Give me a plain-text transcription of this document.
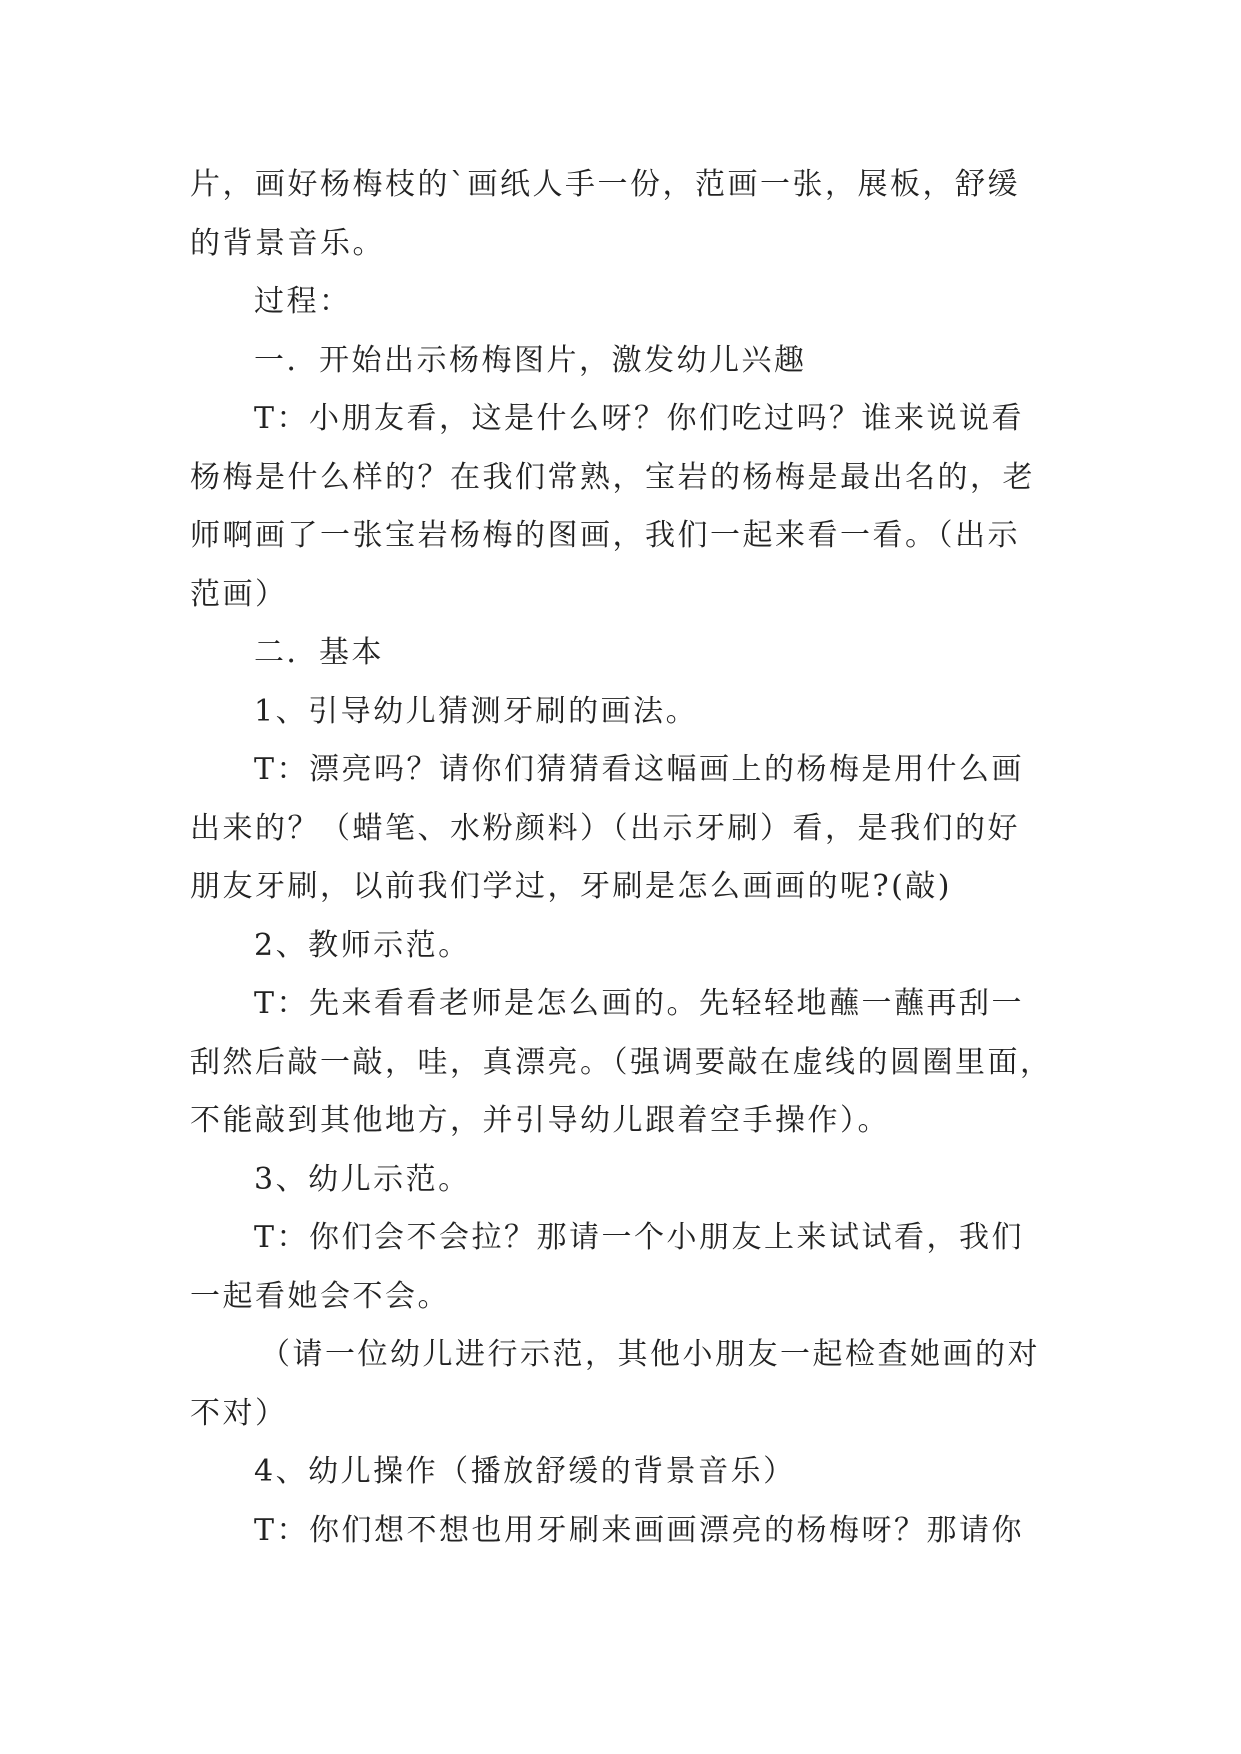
片，画好杨梅枝的`画纸人手一份，范画一张，展板，舒缓
的背景音乐。
过程：
一．开始出示杨梅图片，激发幼儿兴趣
T：小朋友看，这是什么呀？你们吃过吗？谁来说说看
杨梅是什么样的？在我们常熟，宝岩的杨梅是最出名的，老
师啊画了一张宝岩杨梅的图画，我们一起来看一看。（出示
范画）
二．基本
1、引导幼儿猜测牙刷的画法。
T：漂亮吗？请你们猜猜看这幅画上的杨梅是用什么画
出来的？（蜡笔、水粉颜料）（出示牙刷）看，是我们的好
朋友牙刷，以前我们学过，牙刷是怎么画画的呢?(敲)
2、教师示范。
T：先来看看老师是怎么画的。先轻轻地蘸一蘸再刮一
刮然后敲一敲，哇，真漂亮。（强调要敲在虚线的圆圈里面，
不能敲到其他地方，并引导幼儿跟着空手操作）。
3、幼儿示范。
T：你们会不会拉？那请一个小朋友上来试试看，我们
一起看她会不会。
（请一位幼儿进行示范，其他小朋友一起检查她画的对
不对）
4、幼儿操作（播放舒缓的背景音乐）
T：你们想不想也用牙刷来画画漂亮的杨梅呀？那请你
